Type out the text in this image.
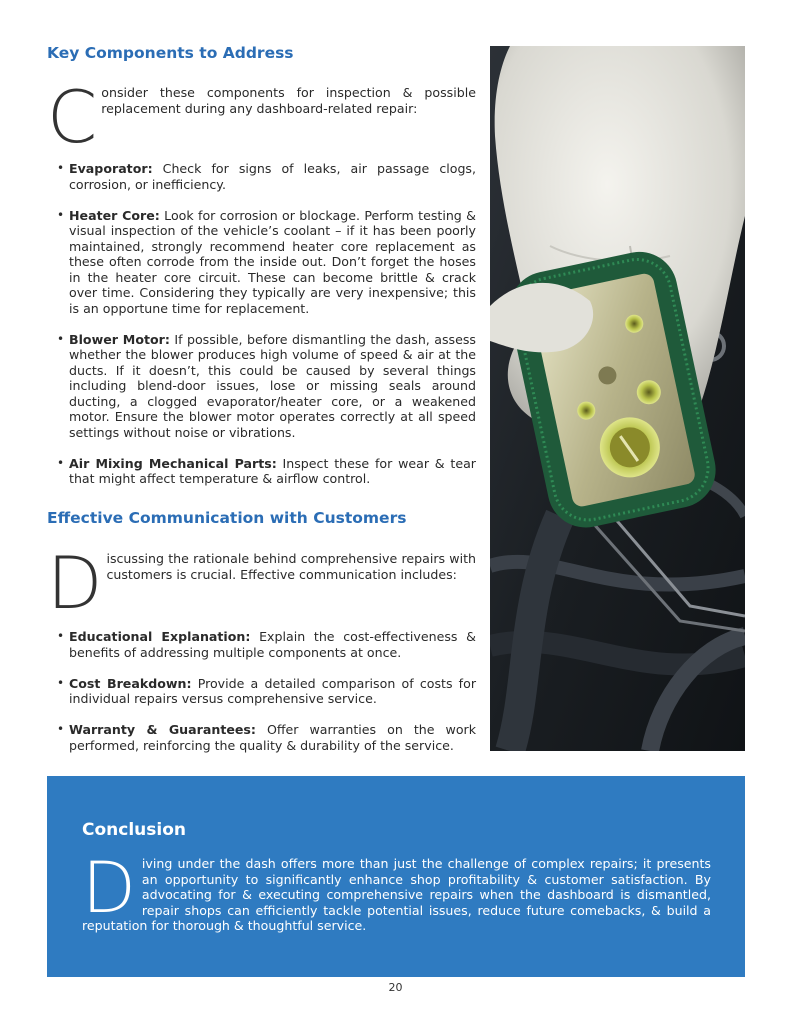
Key Components to Address
C onsider these components for inspection & possible replacement during any dashboard-related repair:

• Evaporator: Check for signs of leaks, air passage clogs, corrosion, or inefficiency.
• Heater Core: Look for corrosion or blockage. Perform testing & visual inspection of the vehicle’s coolant – if it has been poorly maintained, strongly recommend heater core replacement as these often corrode from the inside out. Don’t forget the hoses in the heater core circuit. These can become brittle & crack over time. Considering they typically are very inexpensive; this is an opportune time for replacement.
• Blower Motor: If possible, before dismantling the dash, assess whether the blower produces high volume of speed & air at the ducts. If it doesn’t, this could be caused by several things including blend-door issues, lose or missing seals around ducting, a clogged evaporator/heater core, or a weakened motor. Ensure the blower motor operates correctly at all speed settings without noise or vibrations.
• Air Mixing Mechanical Parts: Inspect these for wear & tear that might affect temperature & airflow control.
Effective Communication with Customers
D iscussing the rationale behind comprehensive repairs with customers is crucial. Effective communication includes:

• Educational Explanation: Explain the cost-effectiveness & benefits of addressing multiple components at once.
• Cost Breakdown: Provide a detailed comparison of costs for individual repairs versus comprehensive service.
• Warranty & Guarantees: Offer warranties on the work performed, reinforcing the quality & durability of the service.
Conclusion
D iving under the dash offers more than just the challenge of complex repairs; it presents an opportunity to significantly enhance shop profitability & customer satisfaction. By advocating for & executing comprehensive repairs when the dashboard is dismantled, repair shops can efficiently tackle potential issues, reduce future comebacks, & build a reputation for thorough & thoughtful service.

20
